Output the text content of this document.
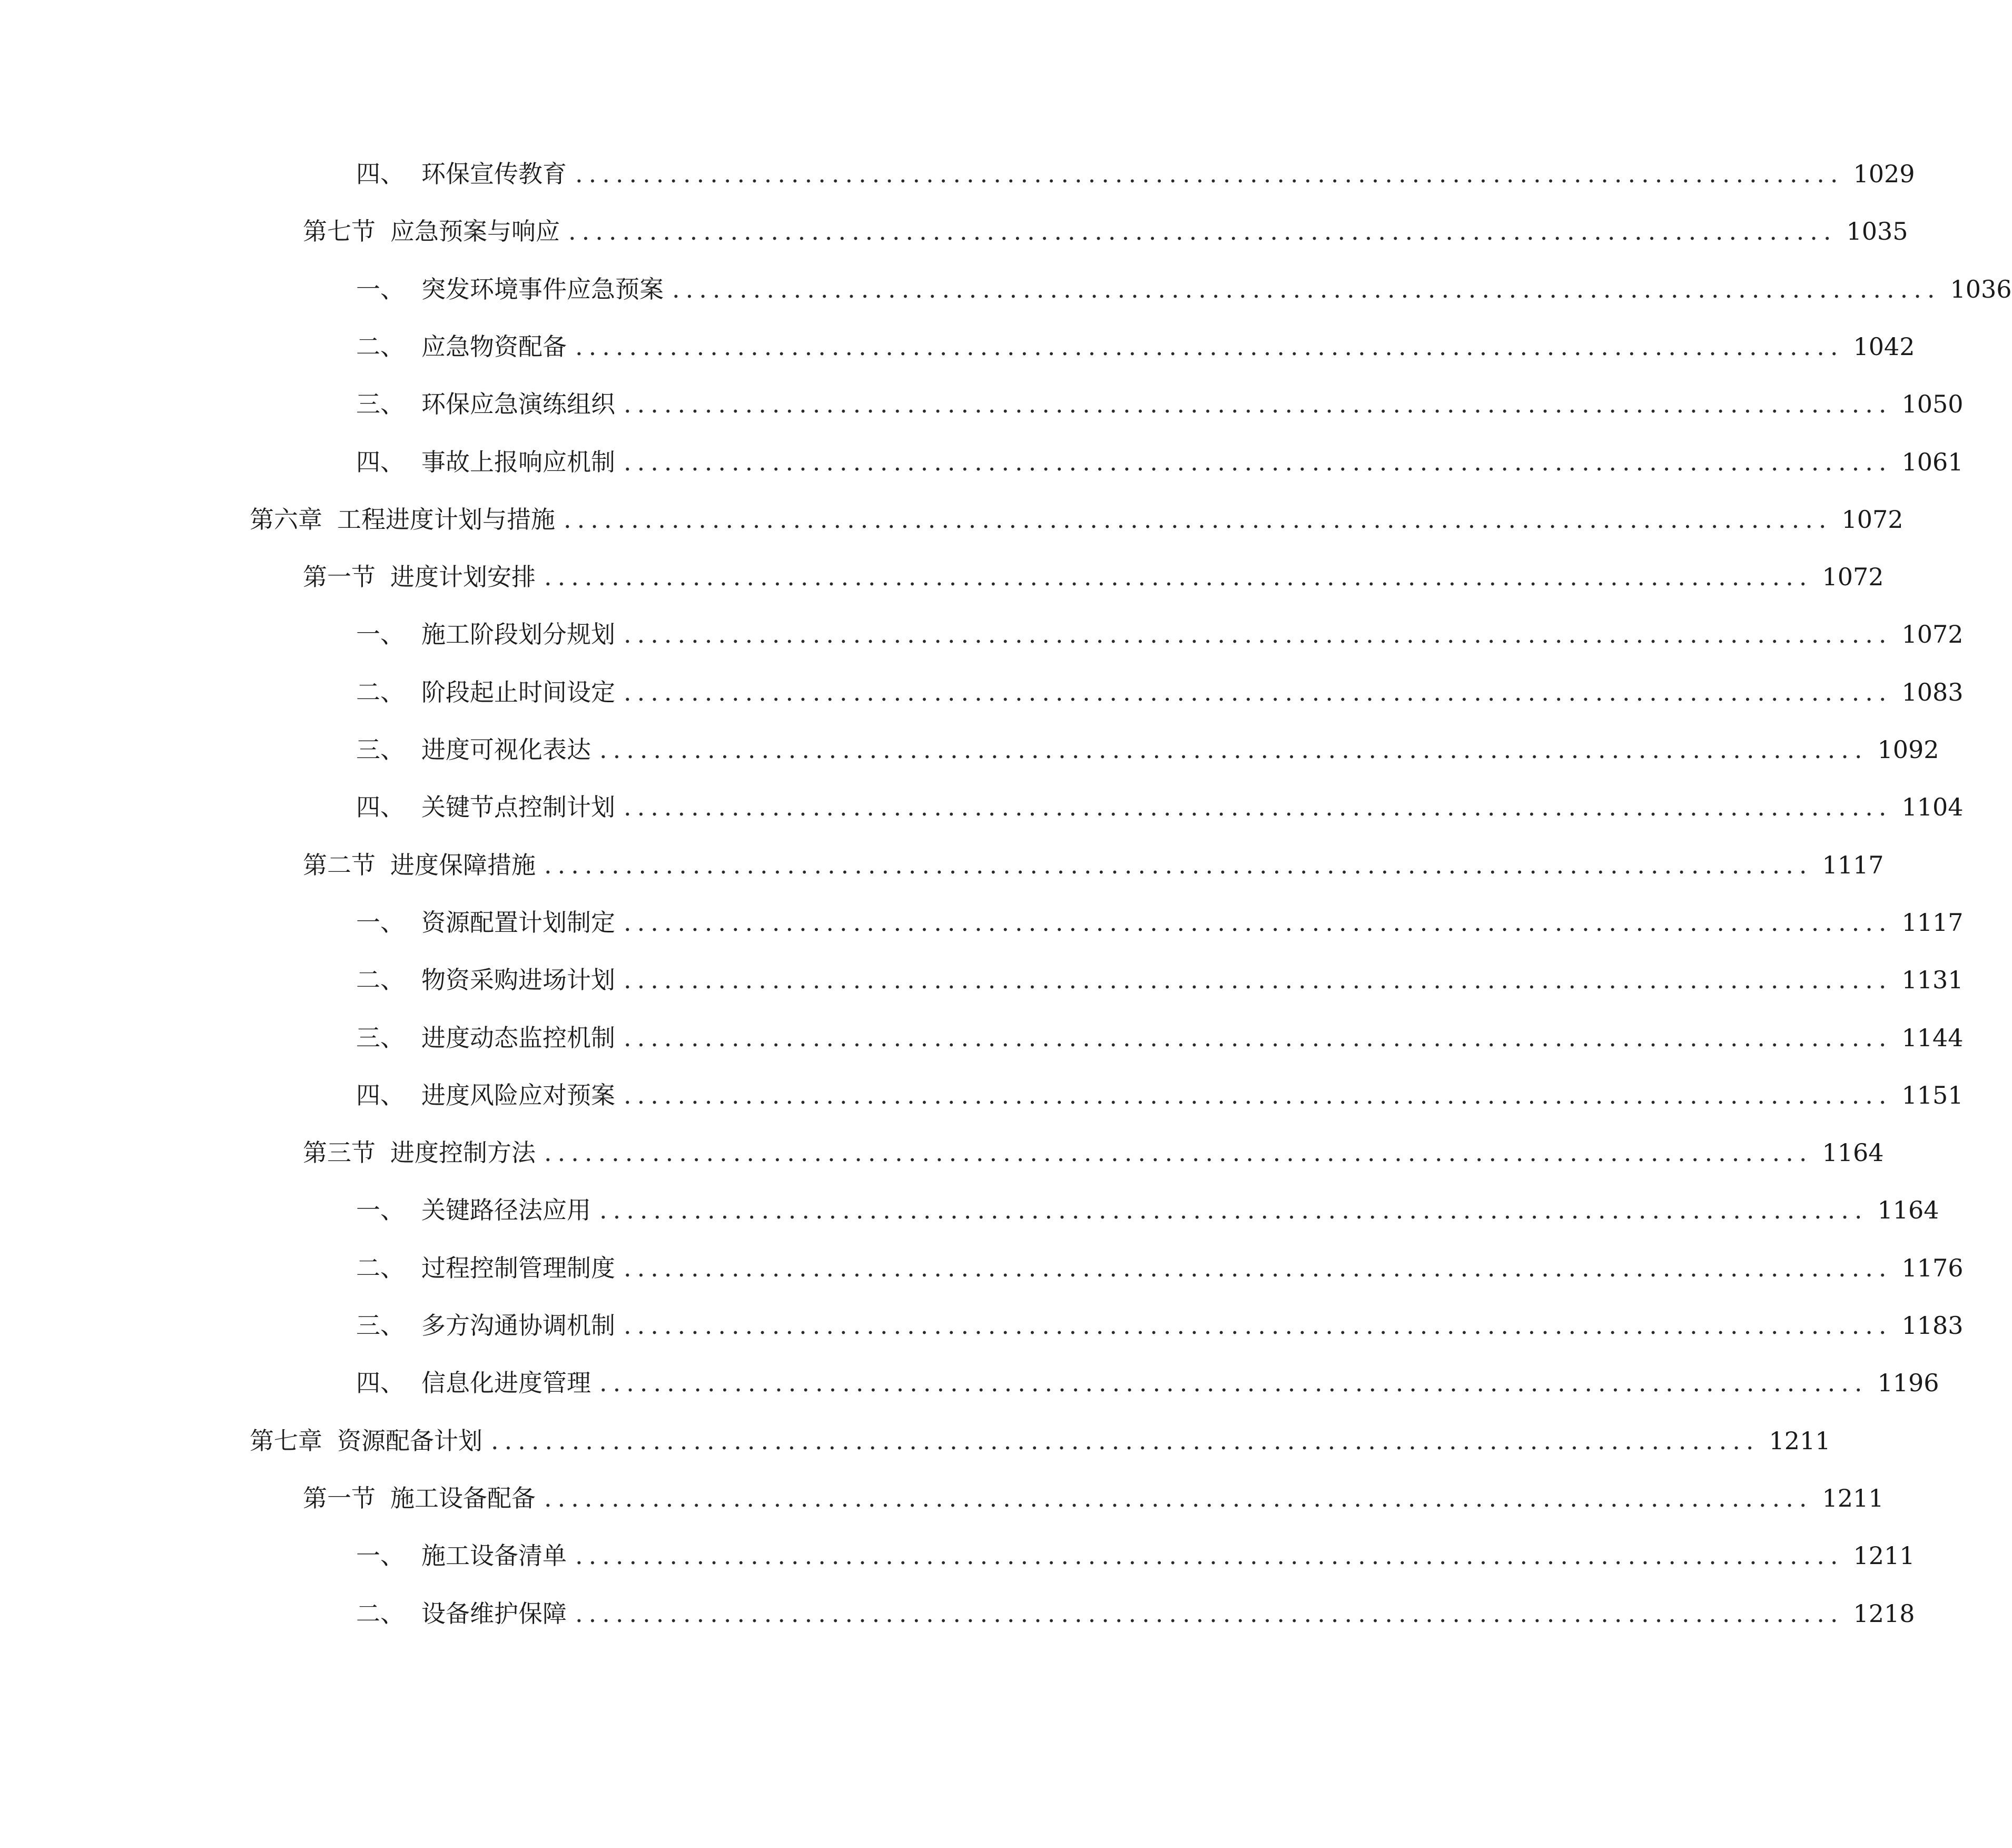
四、 环保宣传教育 .............................................................................................. 1029
第七节 应急预案与响应 .............................................................................................. 1035
一、 突发环境事件应急预案 .............................................................................................. 1036
二、 应急物资配备 .............................................................................................. 1042
三、 环保应急演练组织 .............................................................................................. 1050
四、 事故上报响应机制 .............................................................................................. 1061
第六章 工程进度计划与措施 .............................................................................................. 1072
第一节 进度计划安排 .............................................................................................. 1072
一、 施工阶段划分规划 .............................................................................................. 1072
二、 阶段起止时间设定 .............................................................................................. 1083
三、 进度可视化表达 .............................................................................................. 1092
四、 关键节点控制计划 .............................................................................................. 1104
第二节 进度保障措施 .............................................................................................. 1117
一、 资源配置计划制定 .............................................................................................. 1117
二、 物资采购进场计划 .............................................................................................. 1131
三、 进度动态监控机制 .............................................................................................. 1144
四、 进度风险应对预案 .............................................................................................. 1151
第三节 进度控制方法 .............................................................................................. 1164
一、 关键路径法应用 .............................................................................................. 1164
二、 过程控制管理制度 .............................................................................................. 1176
三、 多方沟通协调机制 .............................................................................................. 1183
四、 信息化进度管理 .............................................................................................. 1196
第七章 资源配备计划 .............................................................................................. 1211
第一节 施工设备配备 .............................................................................................. 1211
一、 施工设备清单 .............................................................................................. 1211
二、 设备维护保障 .............................................................................................. 1218
